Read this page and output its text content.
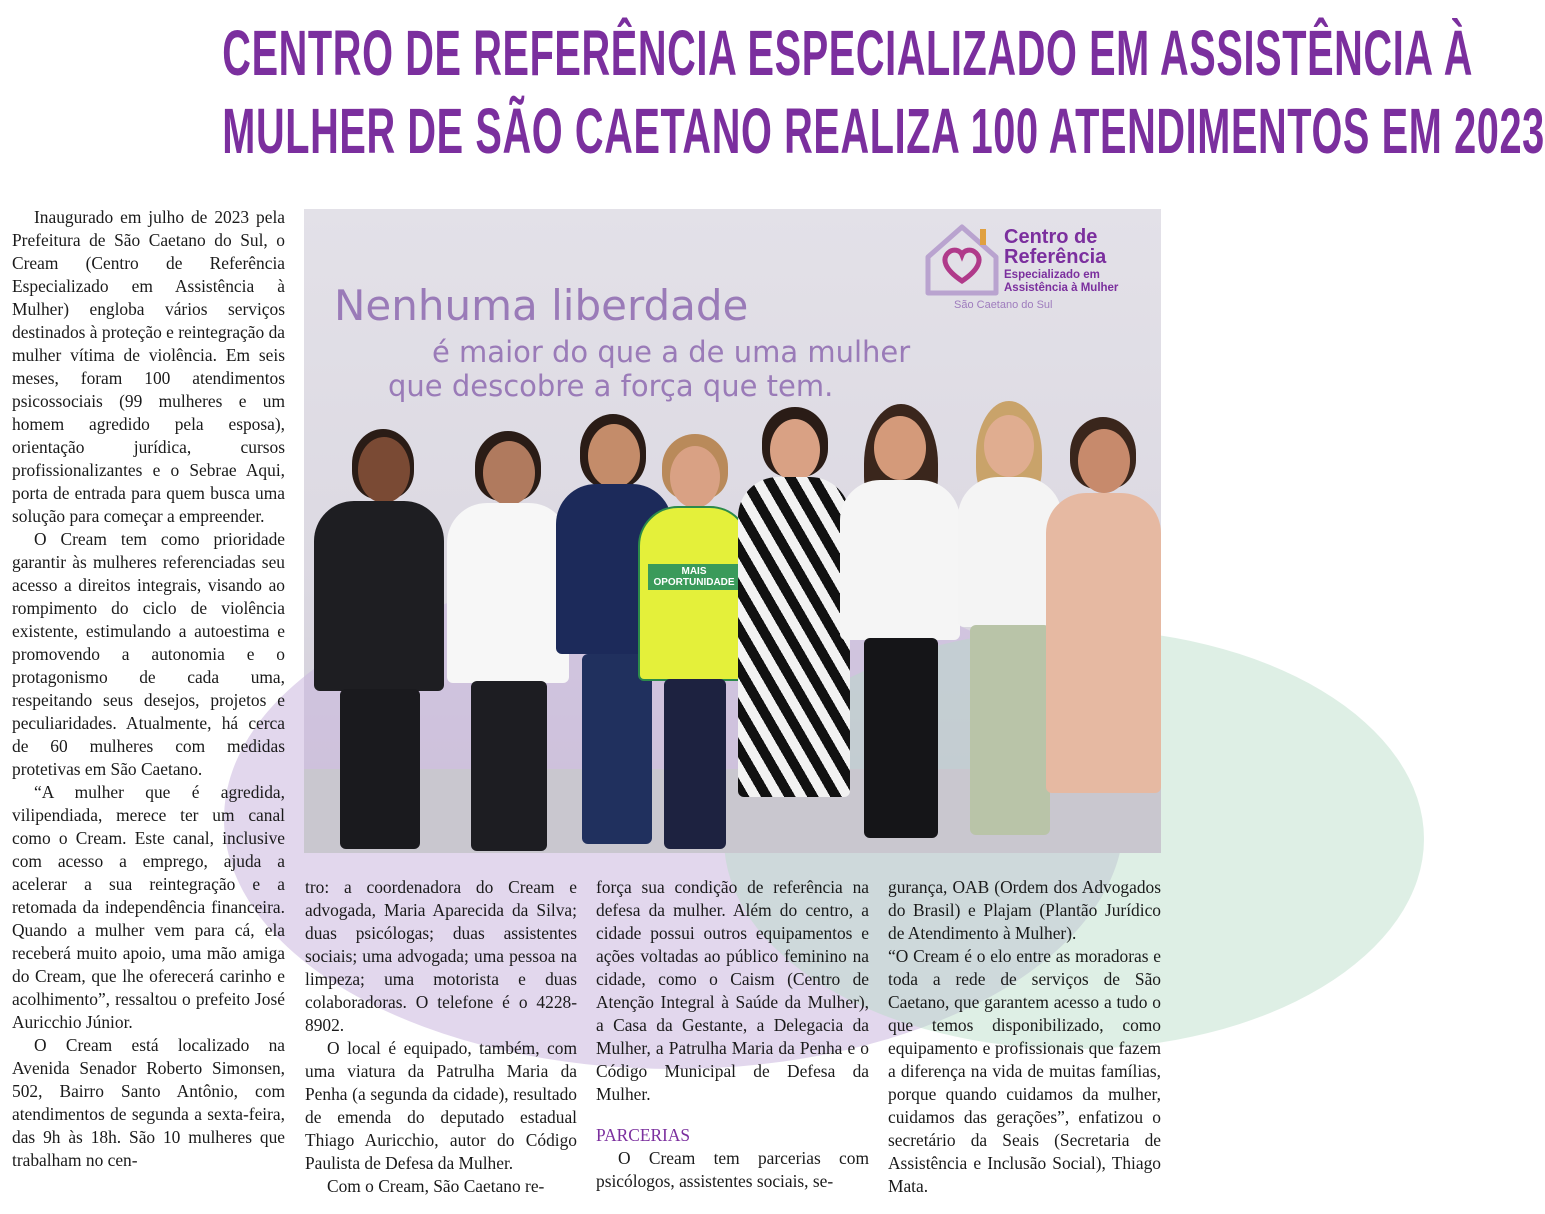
CENTRO DE REFERÊNCIA ESPECIALIZADO EM ASSISTÊNCIA À
MULHER DE SÃO CAETANO REALIZA 100 ATENDIMENTOS EM 2023
Nenhuma liberdade
é maior do que a de uma mulher
que descobre a força que tem.
Centro de
Referência
Especializado em
Assistência à Mulher
São Caetano do Sul
MAIS OPORTUNIDADE

Inaugurado em julho de 2023 pela Prefeitura de São Caetano do Sul, o Cream (Centro de Referência Especializado em Assistência à Mulher) engloba vários serviços destinados à proteção e reintegração da mulher vítima de violência. Em seis meses, foram 100 atendimentos psicossociais (99 mulheres e um homem agredido pela esposa), orientação jurídica, cursos profissionalizantes e o Sebrae Aqui, porta de entrada para quem busca uma solução para começar a empreender.

O Cream tem como prioridade garantir às mulheres referenciadas seu acesso a direitos integrais, visando ao rompimento do ciclo de violência existente, estimulando a autoestima e promovendo a autonomia e o protagonismo de cada uma, respeitando seus desejos, projetos e peculiaridades. Atualmente, há cerca de 60 mulheres com medidas protetivas em São Caetano.

“A mulher que é agredida, vilipendiada, merece ter um canal como o Cream. Este canal, inclusive com acesso a emprego, ajuda a acelerar a sua reintegração e a retomada da independência financeira. Quando a mulher vem para cá, ela receberá muito apoio, uma mão amiga do Cream, que lhe oferecerá carinho e acolhimento”, ressaltou o prefeito José Auricchio Júnior.

O Cream está localizado na Avenida Senador Roberto Simonsen, 502, Bairro Santo Antônio, com atendimentos de segunda a sexta-feira, das 9h às 18h. São 10 mulheres que trabalham no cen-

tro: a coordenadora do Cream e advogada, Maria Aparecida da Silva; duas psicólogas; duas assistentes sociais; uma advogada; uma pessoa na limpeza; uma motorista e duas colaboradoras. O telefone é o 4228-8902.

O local é equipado, também, com uma viatura da Patrulha Maria da Penha (a segunda da cidade), resultado de emenda do deputado estadual Thiago Auricchio, autor do Código Paulista de Defesa da Mulher.

Com o Cream, São Caetano re-

força sua condição de referência na defesa da mulher. Além do centro, a cidade possui outros equipamentos e ações voltadas ao público feminino na cidade, como o Caism (Centro de Atenção Integral à Saúde da Mulher), a Casa da Gestante, a Delegacia da Mulher, a Patrulha Maria da Penha e o Código Municipal de Defesa da Mulher.

PARCERIAS

O Cream tem parcerias com psicólogos, assistentes sociais, se-

gurança, OAB (Ordem dos Advogados do Brasil) e Plajam (Plantão Jurídico de Atendimento à Mulher).

“O Cream é o elo entre as moradoras e toda a rede de serviços de São Caetano, que garantem acesso a tudo o que temos disponibilizado, como equipamento e profissionais que fazem a diferença na vida de muitas famílias, porque quando cuidamos da mulher, cuidamos das gerações”, enfatizou o secretário da Seais (Secretaria de Assistência e Inclusão Social), Thiago Mata.
